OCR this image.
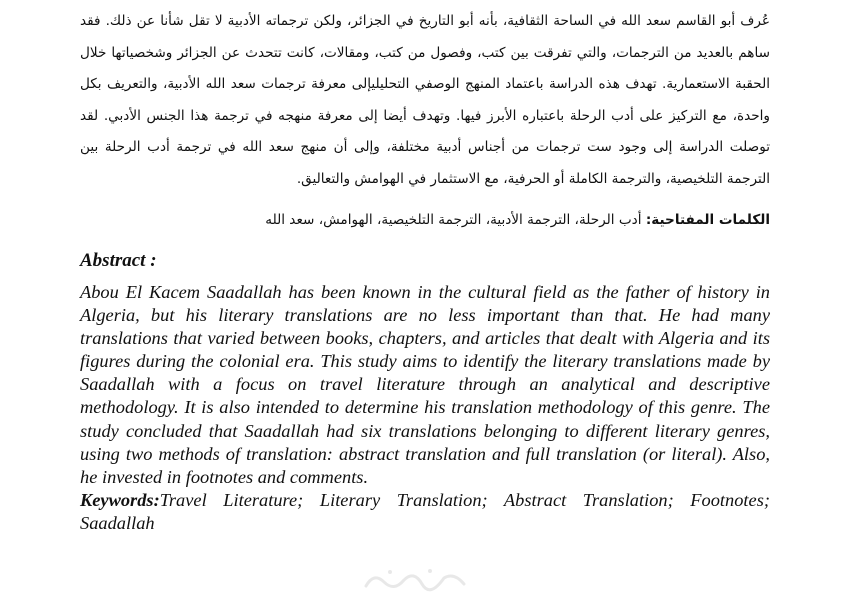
عُرف أبو القاسم سعد الله في الساحة الثقافية، بأنه أبو التاريخ في الجزائر، ولكن ترجماته الأدبية لا تقل شأنا عن ذلك. فقد ساهم بالعديد من الترجمات، والتي تفرقت بين كتب، وفصول من كتب، ومقالات، كانت تتحدث عن الجزائر وشخصياتها خلال الحقبة الاستعمارية. تهدف هذه الدراسة باعتماد المنهج الوصفي التحليليإلى معرفة ترجمات سعد الله الأدبية، والتعريف بكل واحدة، مع التركيز على أدب الرحلة باعتباره الأبرز فيها. وتهدف أيضا إلى معرفة منهجه في ترجمة هذا الجنس الأدبي. لقد توصلت الدراسة إلى وجود ست ترجمات من أجناس أدبية مختلفة، وإلى أن منهج سعد الله في ترجمة أدب الرحلة بين الترجمة التلخيصية، والترجمة الكاملة أو الحرفية، مع الاستثمار في الهوامش والتعاليق.

الكلمات المفتاحية: أدب الرحلة، الترجمة الأدبية، الترجمة التلخيصية، الهوامش، سعد الله

Abstract :

Abou El Kacem Saadallah has been known in the cultural field as the father of history in Algeria, but his literary translations are no less important than that. He had many translations that varied between books, chapters, and articles that dealt with Algeria and its figures during the colonial era. This study aims to identify the literary translations made by Saadallah with a focus on travel literature through an analytical and descriptive methodology. It is also intended to determine his translation methodology of this genre. The study concluded that Saadallah had six translations belonging to different literary genres, using two methods of translation: abstract translation and full translation (or literal). Also, he invested in footnotes and comments.

Keywords:Travel Literature; Literary Translation; Abstract Translation; Footnotes; Saadallah
